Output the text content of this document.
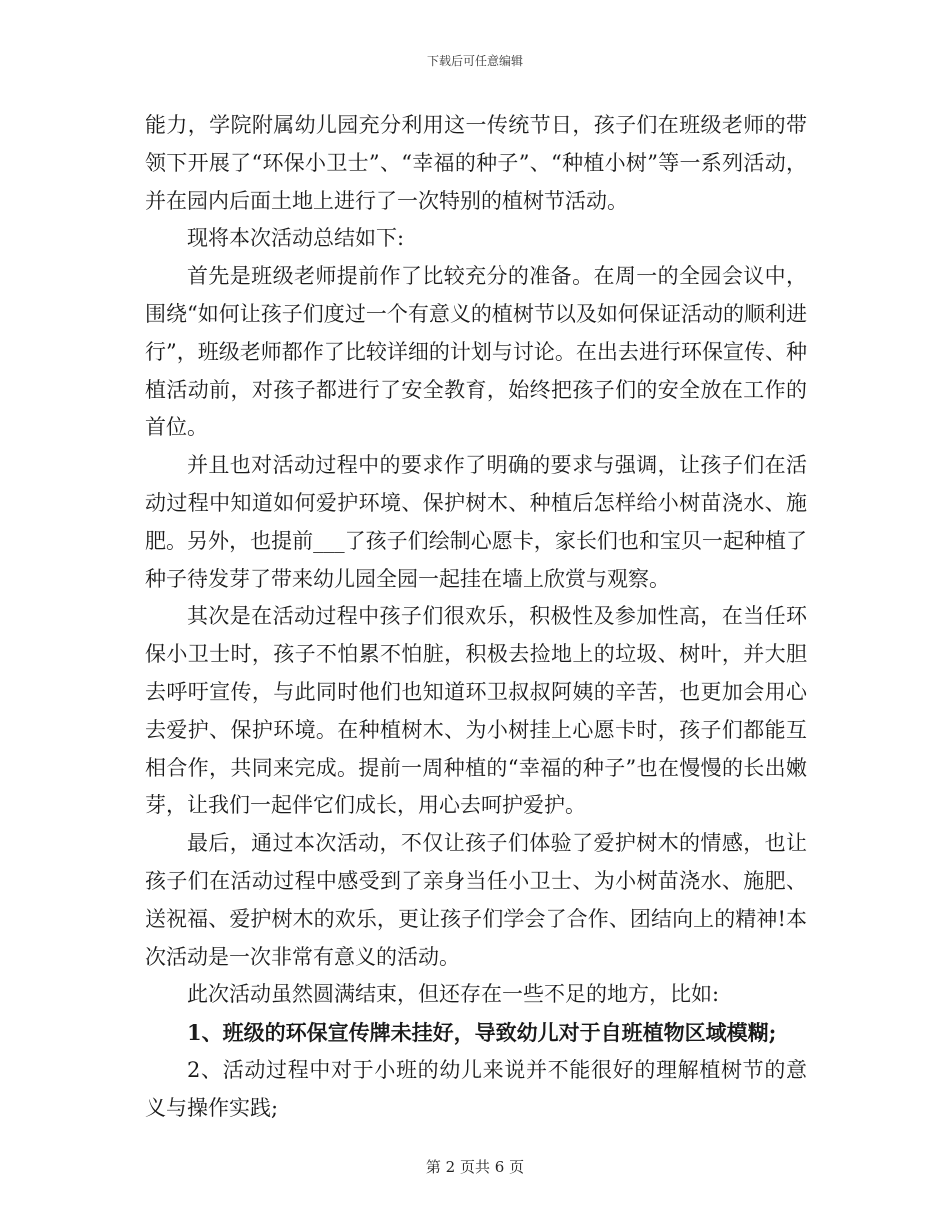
下载后可任意编辑

能力，学院附属幼儿园充分利用这一传统节日，孩子们在班级老师的带领下开展了“环保小卫士”、“幸福的种子”、“种植小树”等一系列活动，并在园内后面土地上进行了一次特别的植树节活动。

现将本次活动总结如下:

首先是班级老师提前作了比较充分的准备。在周一的全园会议中，围绕“如何让孩子们度过一个有意义的植树节以及如何保证活动的顺利进行”，班级老师都作了比较详细的计划与讨论。在出去进行环保宣传、种植活动前，对孩子都进行了安全教育，始终把孩子们的安全放在工作的首位。

并且也对活动过程中的要求作了明确的要求与强调，让孩子们在活动过程中知道如何爱护环境、保护树木、种植后怎样给小树苗浇水、施肥。另外，也提前___了孩子们绘制心愿卡，家长们也和宝贝一起种植了种子待发芽了带来幼儿园全园一起挂在墙上欣赏与观察。

其次是在活动过程中孩子们很欢乐，积极性及参加性高，在当任环保小卫士时，孩子不怕累不怕脏，积极去捡地上的垃圾、树叶，并大胆去呼吁宣传，与此同时他们也知道环卫叔叔阿姨的辛苦，也更加会用心去爱护、保护环境。在种植树木、为小树挂上心愿卡时，孩子们都能互相合作，共同来完成。提前一周种植的“幸福的种子”也在慢慢的长出嫩芽，让我们一起伴它们成长，用心去呵护爱护。

最后，通过本次活动，不仅让孩子们体验了爱护树木的情感，也让孩子们在活动过程中感受到了亲身当任小卫士、为小树苗浇水、施肥、送祝福、爱护树木的欢乐，更让孩子们学会了合作、团结向上的精神!本次活动是一次非常有意义的活动。

此次活动虽然圆满结束，但还存在一些不足的地方，比如:

1、班级的环保宣传牌未挂好，导致幼儿对于自班植物区域模糊;

2、活动过程中对于小班的幼儿来说并不能很好的理解植树节的意义与操作实践;

第 2 页共 6 页
